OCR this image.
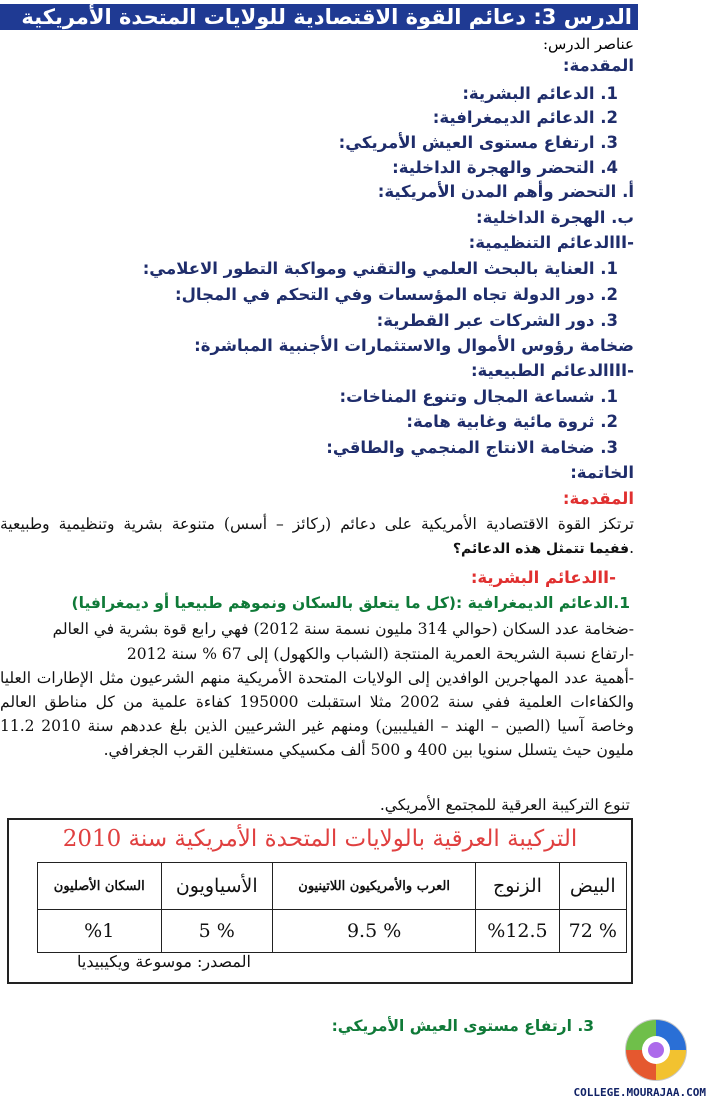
الدرس 3: دعائم القوة الاقتصادية للولايات المتحدة الأمريكية
عناصر الدرس:
المقدمة:
1. الدعائم البشرية:
2. الدعائم الديمغرافية:
3. ارتفاع مستوى العيش الأمريكي:
4. التحضر والهجرة الداخلية:
أ. التحضر وأهم المدن الأمريكية:
ب. الهجرة الداخلية:
-IIالدعائم التنظيمية:
1. العناية بالبحث العلمي والتقني ومواكبة التطور الاعلامي:
2. دور الدولة تجاه المؤسسات وفي التحكم في المجال:
3. دور الشركات عبر القطرية:
ضخامة رؤوس الأموال والاستثمارات الأجنبية المباشرة:
-IIIالدعائم الطبيعية:
1. شساعة المجال وتنوع المناخات:
2. ثروة مائية وغابية هامة:
3. ضخامة الانتاج المنجمي والطاقي:
الخاتمة:
المقدمة:
ترتكز القوة الاقتصادية الأمريكية على دعائم (ركائز – أسس) متنوعة بشرية وتنظيمية وطبيعية .ففيما تتمثل هذه الدعائم؟
-Iالدعائم البشرية:
1.الدعائم الديمغرافية :(كل ما يتعلق بالسكان ونموهم طبيعيا أو ديمغرافيا)
-ضخامة عدد السكان (حوالي 314 مليون نسمة سنة 2012) فهي رابع قوة بشرية في العالم
-ارتفاع نسبة الشريحة العمرية المنتجة (الشباب والكهول) إلى 67 % سنة 2012
-أهمية عدد المهاجرين الوافدين إلى الولايات المتحدة الأمريكية منهم الشرعيون مثل الإطارات العليا والكفاءات العلمية ففي سنة 2002 مثلا استقبلت 195000 كفاءة علمية من كل مناطق العالم وخاصة آسيا (الصين – الهند – الفيليبين) ومنهم غير الشرعيين الذين بلغ عددهم سنة 2010 11.2 مليون حيث يتسلل سنويا بين 400 و 500 ألف مكسيكي مستغلين القرب الجغرافي.
تنوع التركيبة العرقية للمجتمع الأمريكي.
التركيبة العرقية بالولايات المتحدة الأمريكية سنة 2010
البيض	الزنوج	العرب والأمريكيون اللاتينيون	الأسياويون	السكان الأصليون
% 72	%12.5	% 9.5	% 5	%1
المصدر: موسوعة ويكيبيديا
3. ارتفاع مستوى العيش الأمريكي:
COLLEGE.MOURAJAA.COM
